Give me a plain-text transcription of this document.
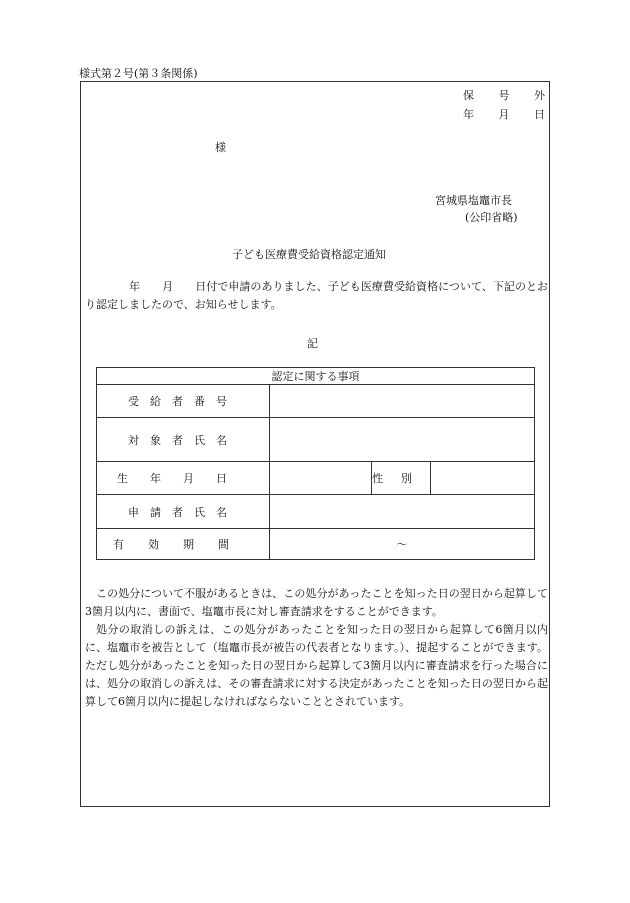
様式第２号(第３条関係)
保 号 外
年 月 日
様
宮城県塩竈市長
(公印省略)
子ども医療費受給資格認定通知
年 月 日付で申請のありました、子ども医療費受給資格について、下記のとおり認定しましたので、お知らせします。
記
認定に関する事項			
受給者番号			
対象者氏名			
生年月日		性別	
申請者氏名			
有効期間	～		

この処分について不服があるときは、この処分があったことを知った日の翌日から起算して3箇月以内に、書面で、塩竈市長に対し審査請求をすることができます。

処分の取消しの訴えは、この処分があったことを知った日の翌日から起算して6箇月以内に、塩竈市を被告として（塩竈市長が被告の代表者となります。）、提起することができます。ただし処分があったことを知った日の翌日から起算して3箇月以内に審査請求を行った場合には、処分の取消しの訴えは、その審査請求に対する決定があったことを知った日の翌日から起算して6箇月以内に提起しなければならないこととされています。
